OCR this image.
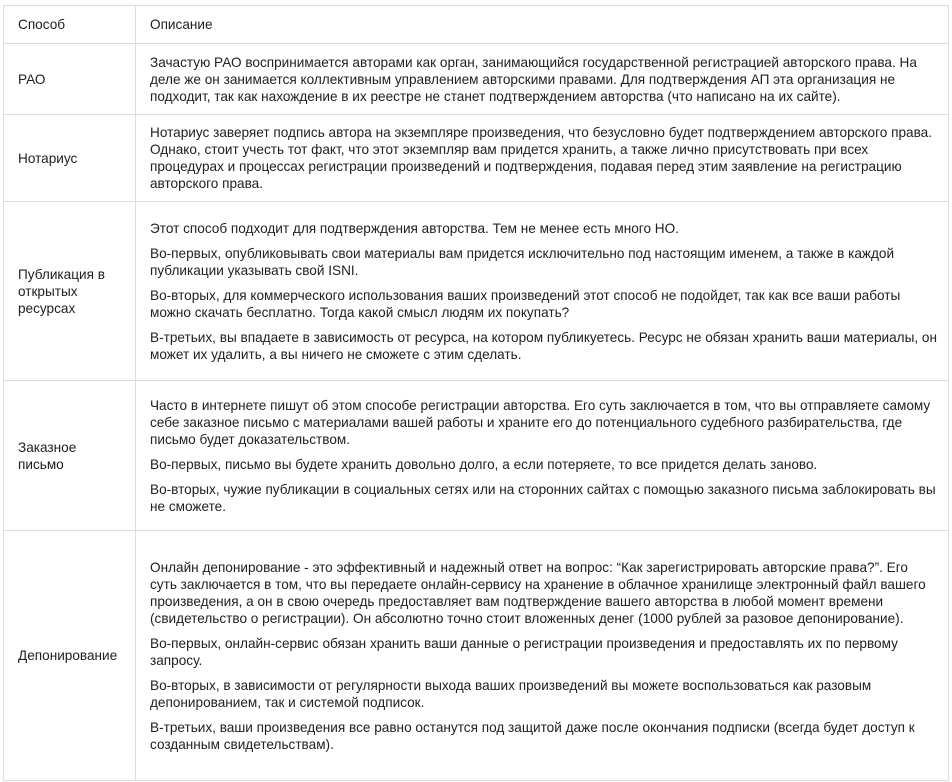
Способ	Описание
РАО	Зачастую РАО воспринимается авторами как орган, занимающийся государственной регистрацией авторского права. На деле же он занимается коллективным управлением авторскими правами. Для подтверждения АП эта организация не подходит, так как нахождение в их реестре не станет подтверждением авторства (что написано на их сайте).

Нотариус	Нотариус заверяет подпись автора на экземпляре произведения, что безусловно будет подтверждением авторского права. Однако, стоит учесть тот факт, что этот экземпляр вам придется хранить, а также лично присутствовать при всех процедурах и процессах регистрации произведений и подтверждения, подавая перед этим заявление на регистрацию авторского права.

Публикация в открытых ресурсах	Этот способ подходит для подтверждения авторства. Тем не менее есть много НО.

Во-первых, опубликовывать свои материалы вам придется исключительно под настоящим именем, а также в каждой публикации указывать свой ISNI.

Во-вторых, для коммерческого использования ваших произведений этот способ не подойдет, так как все ваши работы можно скачать бесплатно. Тогда какой смысл людям их покупать?

В-третьих, вы впадаете в зависимость от ресурса, на котором публикуетесь. Ресурс не обязан хранить ваши материалы, он может их удалить, а вы ничего не сможете с этим сделать.

Заказное письмо	Часто в интернете пишут об этом способе регистрации авторства. Его суть заключается в том, что вы отправляете самому себе заказное письмо с материалами вашей работы и храните его до потенциального судебного разбирательства, где письмо будет доказательством.

Во-первых, письмо вы будете хранить довольно долго, а если потеряете, то все придется делать заново.

Во-вторых, чужие публикации в социальных сетях или на сторонних сайтах с помощью заказного письма заблокировать вы не сможете.

Депонирование	Онлайн депонирование - это эффективный и надежный ответ на вопрос: “Как зарегистрировать авторские права?”. Его суть заключается в том, что вы передаете онлайн-сервису на хранение в облачное хранилище электронный файл вашего произведения, а он в свою очередь предоставляет вам подтверждение вашего авторства в любой момент времени (свидетельство о регистрации). Он абсолютно точно стоит вложенных денег (1000 рублей за разовое депонирование).

Во-первых, онлайн-сервис обязан хранить ваши данные о регистрации произведения и предоставлять их по первому запросу.

Во-вторых, в зависимости от регулярности выхода ваших произведений вы можете воспользоваться как разовым депонированием, так и системой подписок.

В-третьих, ваши произведения все равно останутся под защитой даже после окончания подписки (всегда будет доступ к созданным свидетельствам).
